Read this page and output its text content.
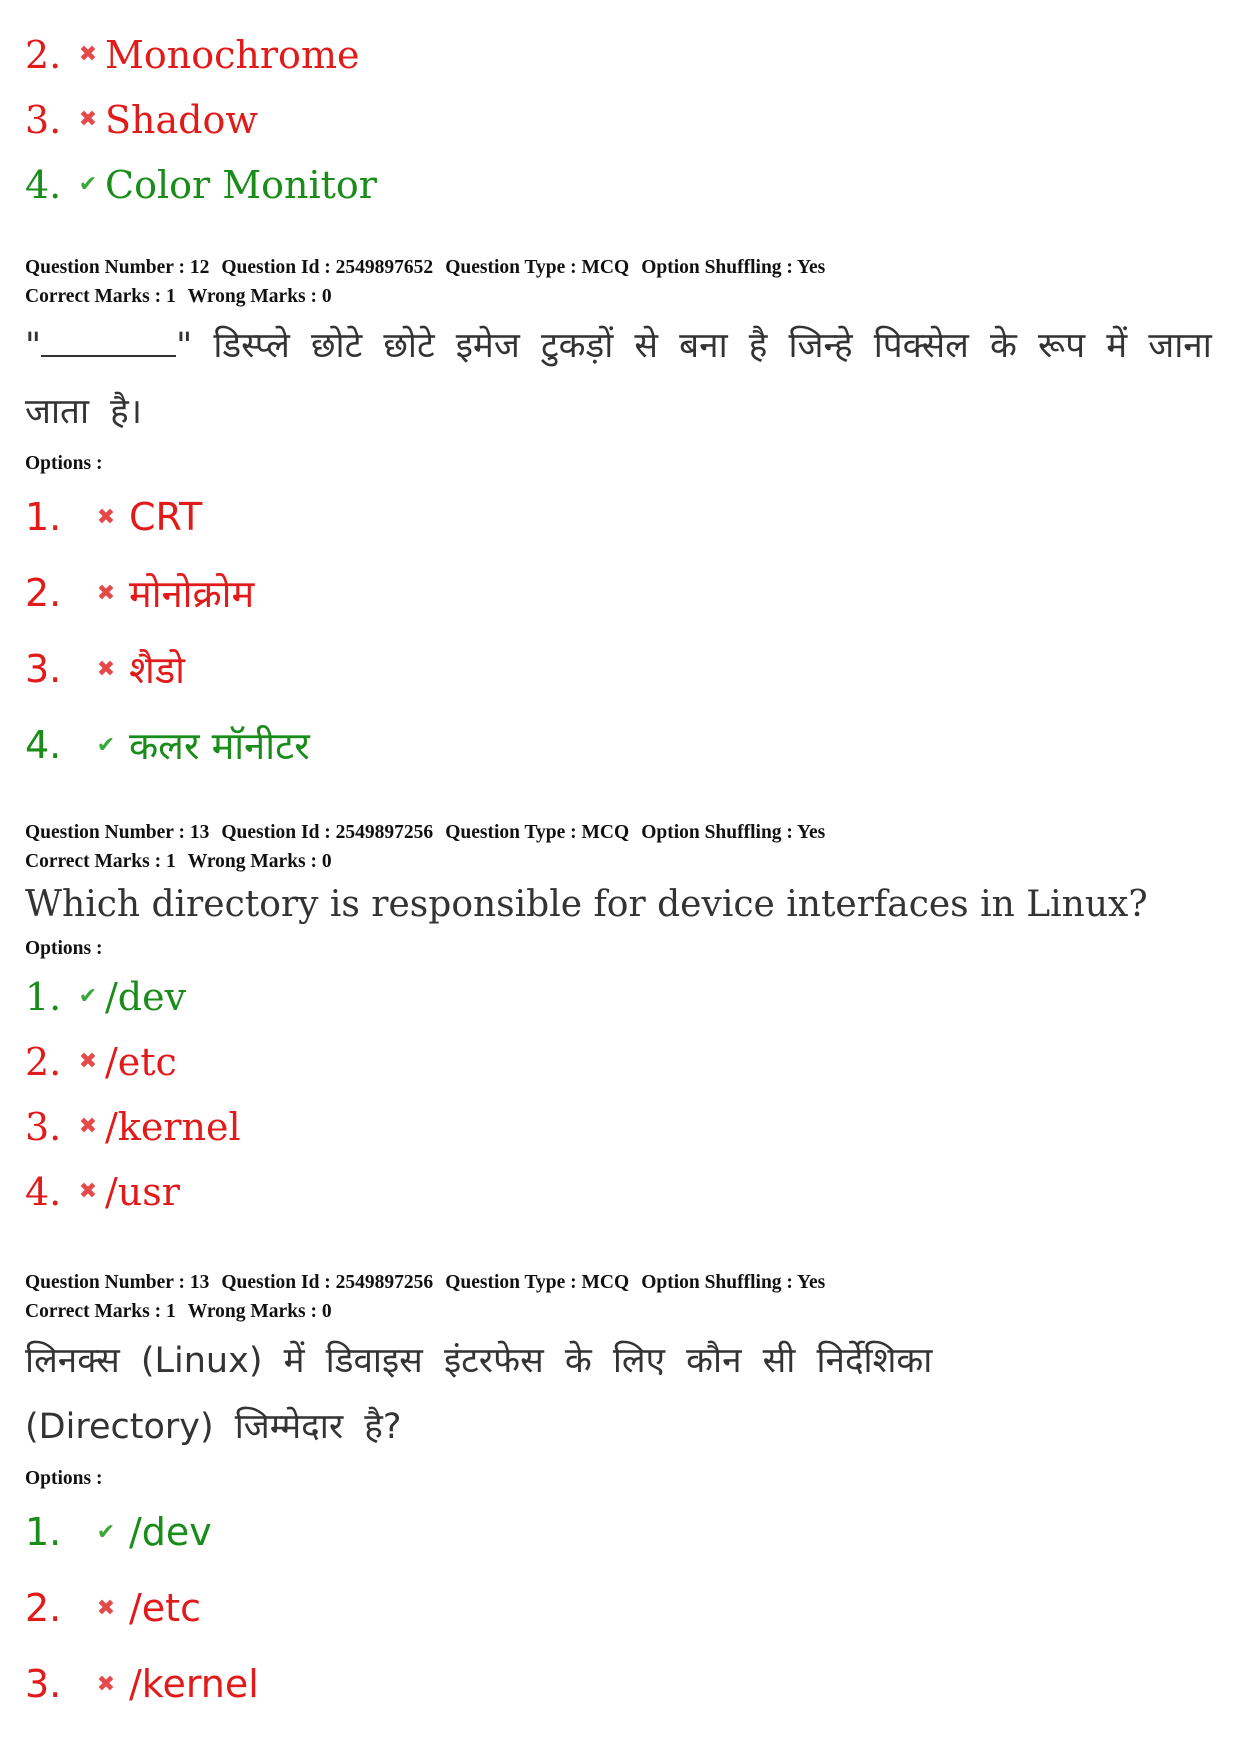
2. ✖ Monochrome
3. ✖ Shadow
4. ✔ Color Monitor
Question Number : 12 Question Id : 2549897652 Question Type : MCQ Option Shuffling : Yes
Correct Marks : 1 Wrong Marks : 0
"	" डिस्प्ले छोटे छोटे इमेज टुकड़ों से बना है जिन्हे पिक्सेल के रूप में जाना जाता है।
Options :
1.	✖ CRT
2.	✖ मोनोक्रोम
3.	✖ शैडो
4.	✔ कलर मॉनीटर
Question Number : 13 Question Id : 2549897256 Question Type : MCQ Option Shuffling : Yes
Correct Marks : 1 Wrong Marks : 0
Which directory is responsible for device interfaces in Linux?
Options :
1. ✔ /dev
2. ✖ /etc
3. ✖ /kernel
4. ✖ /usr
Question Number : 13 Question Id : 2549897256 Question Type : MCQ Option Shuffling : Yes
Correct Marks : 1 Wrong Marks : 0
लिनक्स (Linux) में डिवाइस इंटरफेस के लिए कौन सी निर्देशिका (Directory) जिम्मेदार है?
Options :
1.	✔ /dev
2.	✖ /etc
3.	✖ /kernel
